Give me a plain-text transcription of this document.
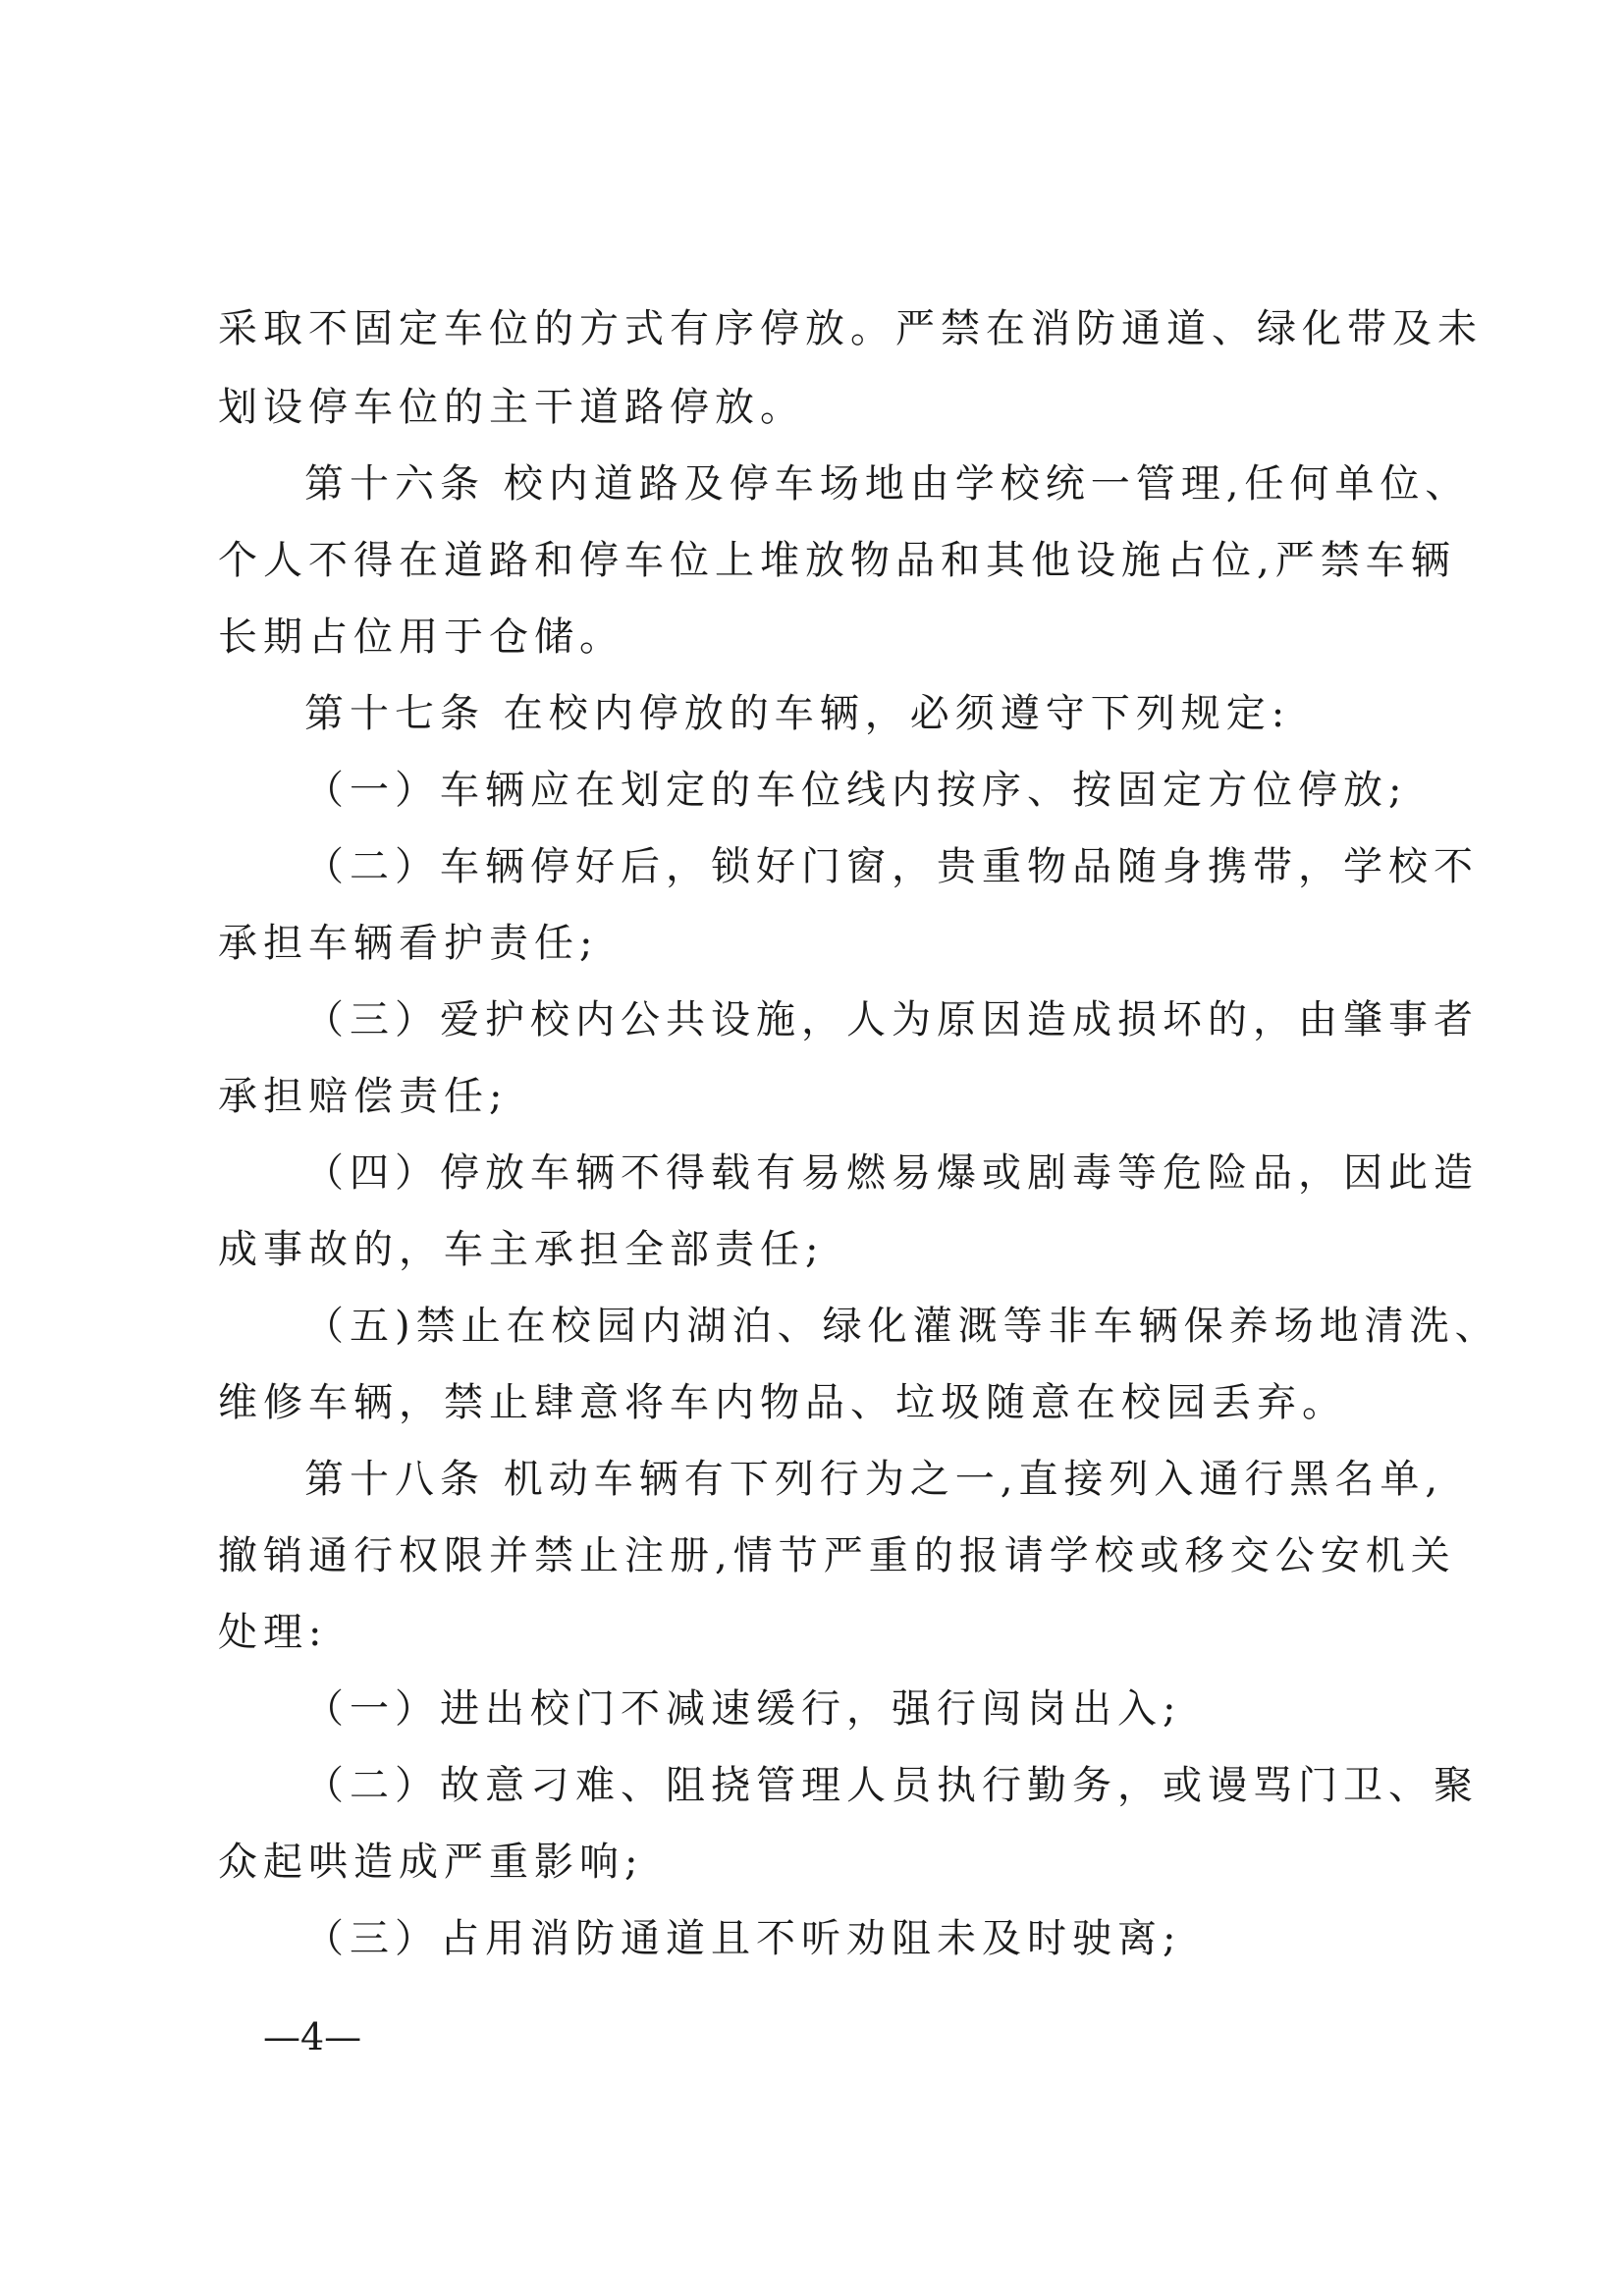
采取不固定车位的方式有序停放。严禁在消防通道、绿化带及未
划设停车位的主干道路停放。
第十六条 校内道路及停车场地由学校统一管理,任何单位、
个人不得在道路和停车位上堆放物品和其他设施占位,严禁车辆
长期占位用于仓储。
第十七条 在校内停放的车辆，必须遵守下列规定:
（一）车辆应在划定的车位线内按序、按固定方位停放;
（二）车辆停好后，锁好门窗，贵重物品随身携带，学校不
承担车辆看护责任;
（三）爱护校内公共设施，人为原因造成损坏的，由肇事者
承担赔偿责任;
（四）停放车辆不得载有易燃易爆或剧毒等危险品，因此造
成事故的，车主承担全部责任;
（五)禁止在校园内湖泊、绿化灌溉等非车辆保养场地清洗、
维修车辆，禁止肆意将车内物品、垃圾随意在校园丢弃。
第十八条 机动车辆有下列行为之一,直接列入通行黑名单,
撤销通行权限并禁止注册,情节严重的报请学校或移交公安机关
处理:
（一）进出校门不减速缓行，强行闯岗出入;
（二）故意刁难、阻挠管理人员执行勤务，或谩骂门卫、聚
众起哄造成严重影响;
（三）占用消防通道且不听劝阻未及时驶离;
—4—
